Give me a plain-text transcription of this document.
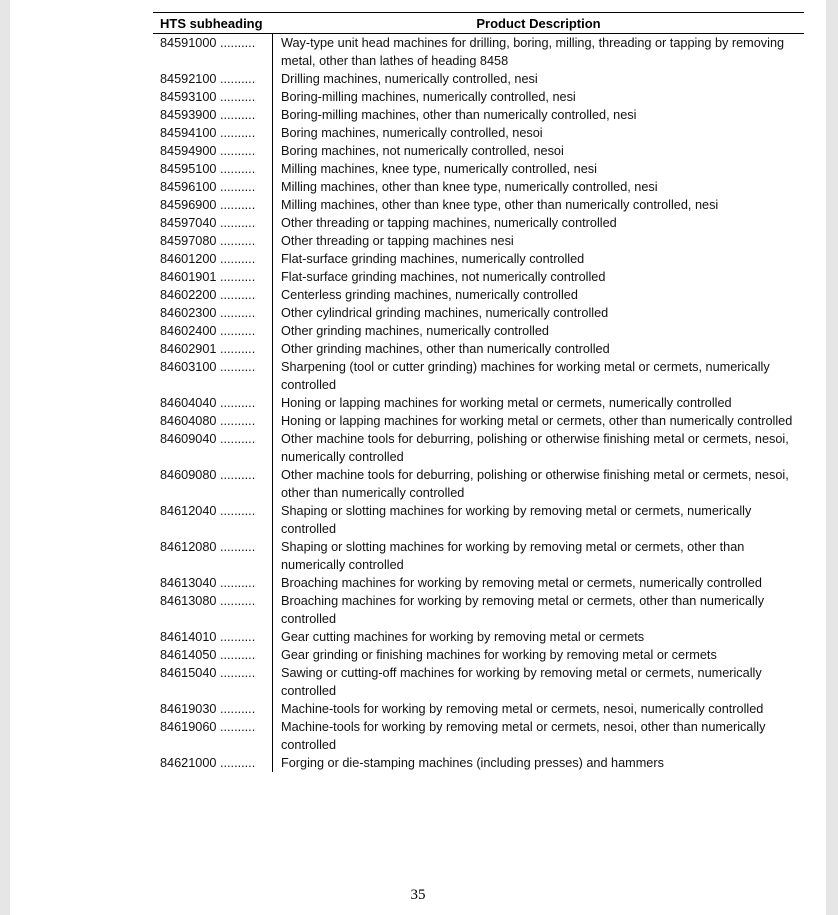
HTS subheading	Product Description
84591000 ..........	Way-type unit head machines for drilling, boring, milling, threading or tapping by removing metal, other than lathes of heading 8458
84592100 ..........	Drilling machines, numerically controlled, nesi
84593100 ..........	Boring-milling machines, numerically controlled, nesi
84593900 ..........	Boring-milling machines, other than numerically controlled, nesi
84594100 ..........	Boring machines, numerically controlled, nesoi
84594900 ..........	Boring machines, not numerically controlled, nesoi
84595100 ..........	Milling machines, knee type, numerically controlled, nesi
84596100 ..........	Milling machines, other than knee type, numerically controlled, nesi
84596900 ..........	Milling machines, other than knee type, other than numerically controlled, nesi
84597040 ..........	Other threading or tapping machines, numerically controlled
84597080 ..........	Other threading or tapping machines nesi
84601200 ..........	Flat-surface grinding machines, numerically controlled
84601901 ..........	Flat-surface grinding machines, not numerically controlled
84602200 ..........	Centerless grinding machines, numerically controlled
84602300 ..........	Other cylindrical grinding machines, numerically controlled
84602400 ..........	Other grinding machines, numerically controlled
84602901 ..........	Other grinding machines, other than numerically controlled
84603100 ..........	Sharpening (tool or cutter grinding) machines for working metal or cermets, numerically controlled
84604040 ..........	Honing or lapping machines for working metal or cermets, numerically controlled
84604080 ..........	Honing or lapping machines for working metal or cermets, other than numerically controlled
84609040 ..........	Other machine tools for deburring, polishing or otherwise finishing metal or cermets, nesoi, numerically controlled
84609080 ..........	Other machine tools for deburring, polishing or otherwise finishing metal or cermets, nesoi, other than numerically controlled
84612040 ..........	Shaping or slotting machines for working by removing metal or cermets, numerically controlled
84612080 ..........	Shaping or slotting machines for working by removing metal or cermets, other than numerically controlled
84613040 ..........	Broaching machines for working by removing metal or cermets, numerically controlled
84613080 ..........	Broaching machines for working by removing metal or cermets, other than numerically controlled
84614010 ..........	Gear cutting machines for working by removing metal or cermets
84614050 ..........	Gear grinding or finishing machines for working by removing metal or cermets
84615040 ..........	Sawing or cutting-off machines for working by removing metal or cermets, numerically controlled
84619030 ..........	Machine-tools for working by removing metal or cermets, nesoi, numerically controlled
84619060 ..........	Machine-tools for working by removing metal or cermets, nesoi, other than numerically controlled
84621000 ..........	Forging or die-stamping machines (including presses) and hammers
35
